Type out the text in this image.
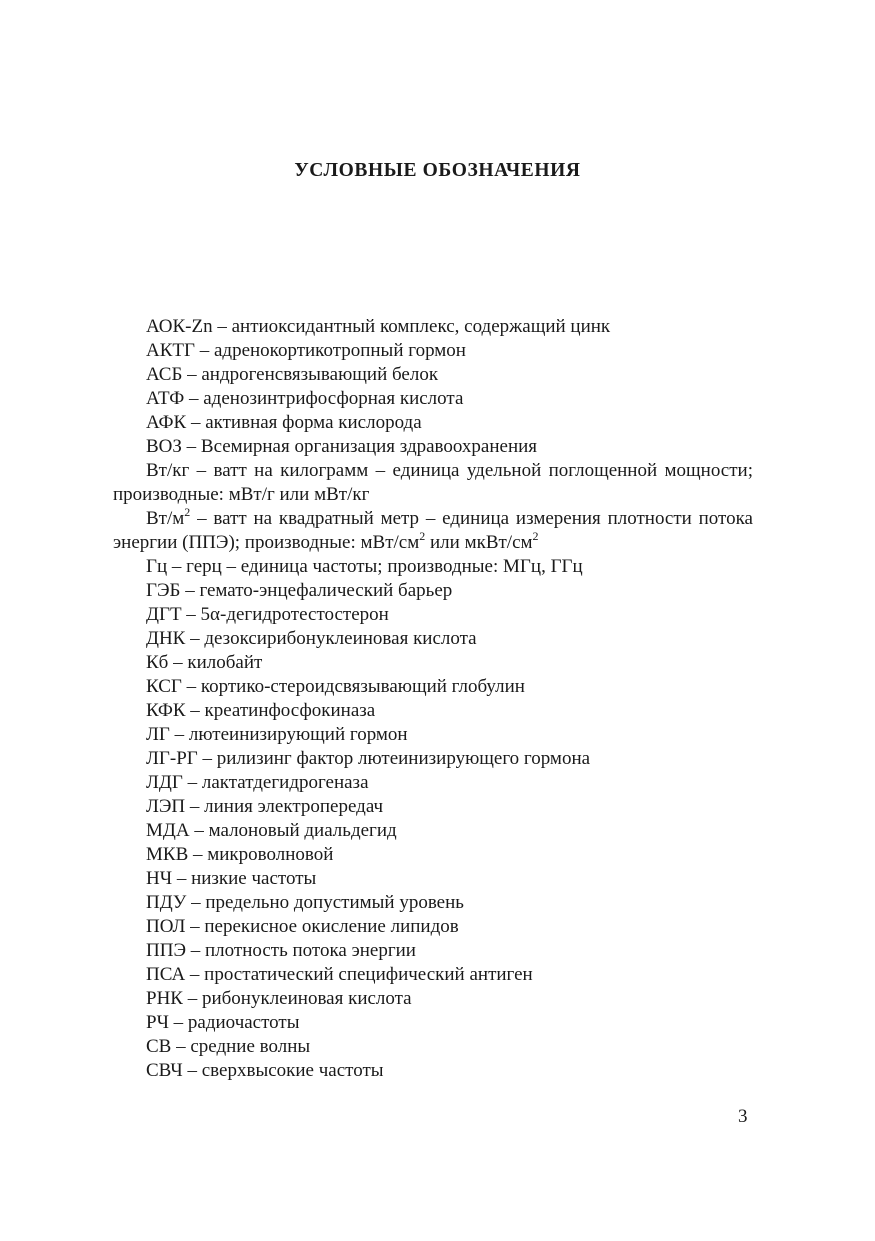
УСЛОВНЫЕ ОБОЗНАЧЕНИЯ

АОК-Zn – антиоксидантный комплекс, содержащий цинк

АКТГ – адренокортикотропный гормон

АСБ – андрогенсвязывающий белок

АТФ – аденозинтрифосфорная кислота

АФК – активная форма кислорода

ВОЗ – Всемирная организация здравоохранения

Вт/кг – ватт на килограмм – единица удельной поглощенной мощности; производные: мВт/г или мВт/кг

$Вт/м^2$ – ватт на квадратный метр – единица измерения плотности потока энергии (ППЭ); производные: мВт/$см^2$ или мкВт/$см^2$

Гц – герц – единица частоты; производные: МГц, ГГц

ГЭБ – гемато-энцефалический барьер

ДГТ – 5α-дегидротестостерон

ДНК – дезоксирибонуклеиновая кислота

Кб – килобайт

КСГ – кортико-стероидсвязывающий глобулин

КФК – креатинфосфокиназа

ЛГ – лютеинизирующий гормон

ЛГ-РГ – рилизинг фактор лютеинизирующего гормона

ЛДГ – лактатдегидрогеназа

ЛЭП – линия электропередач

МДА – малоновый диальдегид

МКВ – микроволновой

НЧ – низкие частоты

ПДУ – предельно допустимый уровень

ПОЛ – перекисное окисление липидов

ППЭ – плотность потока энергии

ПСА – простатический специфический антиген

РНК – рибонуклеиновая кислота

РЧ – радиочастоты

СВ – средние волны

СВЧ – сверхвысокие частоты

3
